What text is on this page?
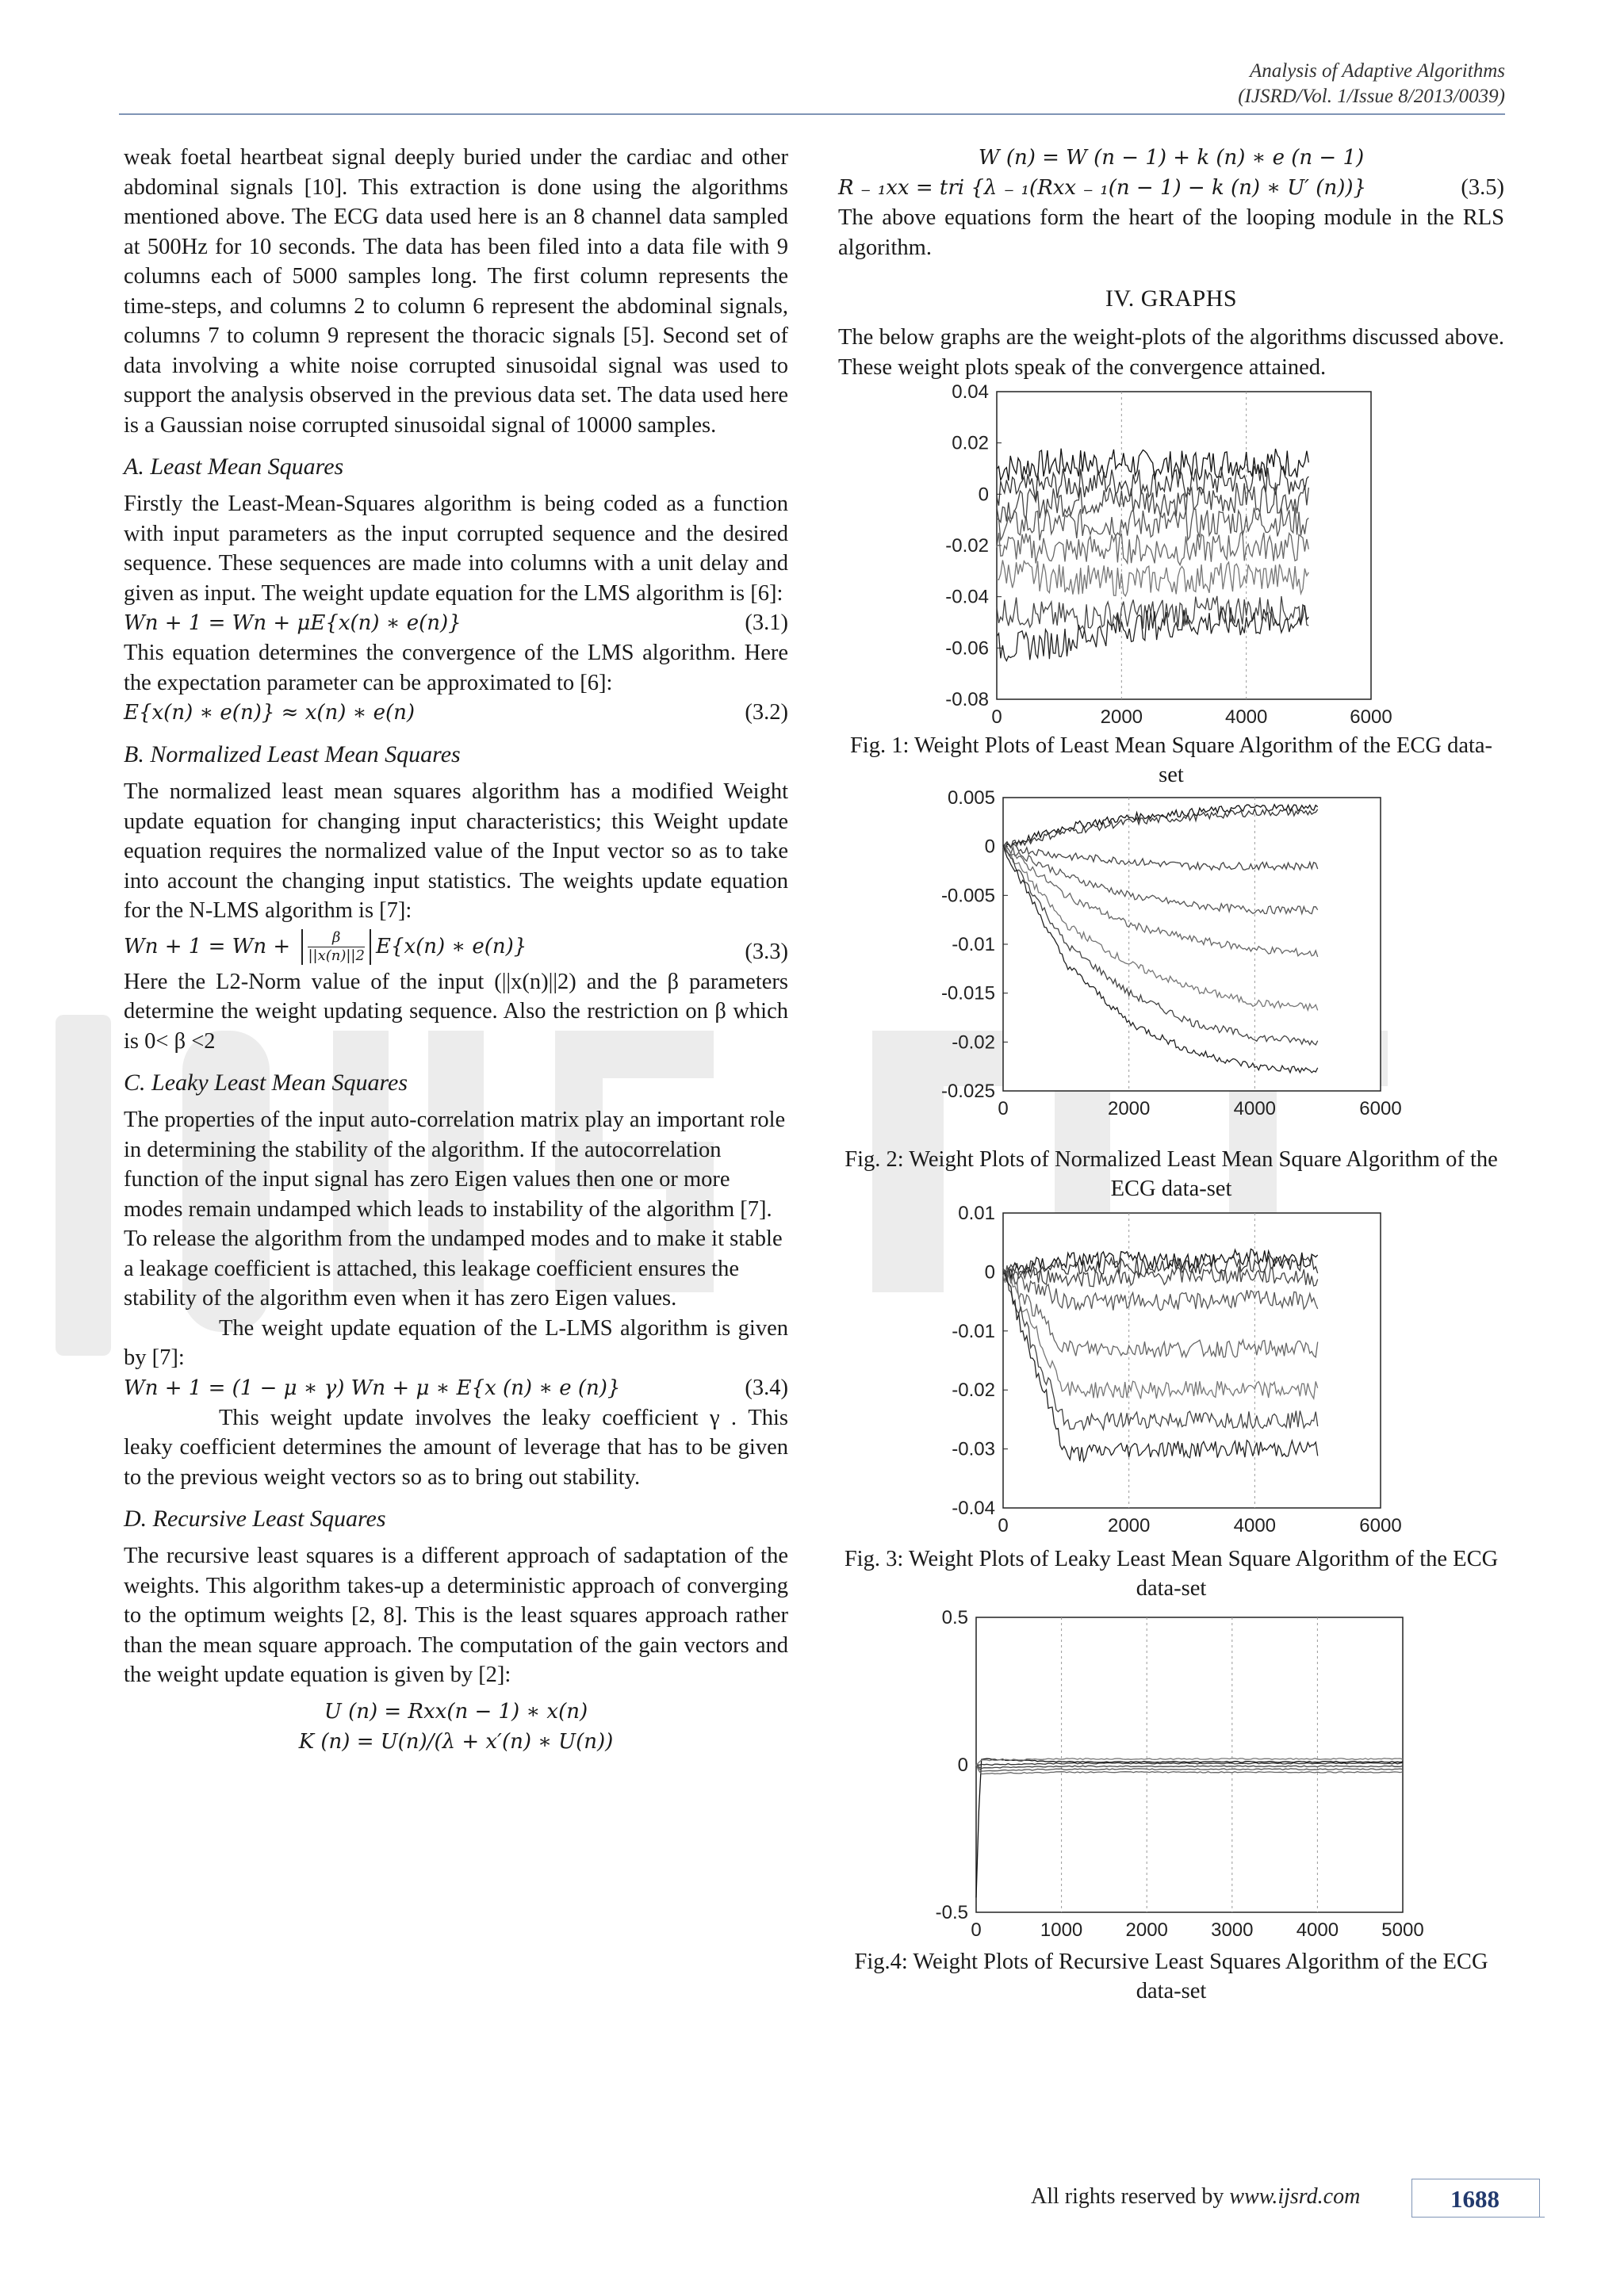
Analysis of Adaptive Algorithms
(IJSRD/Vol. 1/Issue 8/2013/0039)

weak foetal heartbeat signal deeply buried under the cardiac and other abdominal signals [10]. This extraction is done using the algorithms mentioned above. The ECG data used here is an 8 channel data sampled at 500Hz for 10 seconds. The data has been filed into a data file with 9 columns each of 5000 samples long. The first column represents the time-steps, and columns 2 to column 6 represent the abdominal signals, columns 7 to column 9 represent the thoracic signals [5]. Second set of data involving a white noise corrupted sinusoidal signal was used to support the analysis observed in the previous data set. The data used here is a Gaussian noise corrupted sinusoidal signal of 10000 samples.

A. Least Mean Squares

Firstly the Least-Mean-Squares algorithm is being coded as a function with input parameters as the input corrupted sequence and the desired sequence. These sequences are made into columns with a unit delay and given as input. The weight update equation for the LMS algorithm is [6]:

Wn + 1 = Wn + μE{x(n) ∗ e(n)}	(3.1)

This equation determines the convergence of the LMS algorithm. Here the expectation parameter can be approximated to [6]:

E{x(n) ∗ e(n)} ≈ x(n) ∗ e(n)	(3.2)
B. Normalized Least Mean Squares

The normalized least mean squares algorithm has a modified Weight update equation for changing input characteristics; this Weight update equation requires the normalized value of the Input vector so as to take into account the changing input statistics. The weights update equation for the N-LMS algorithm is [7]:

$Wn + 1 = Wn + \frac{\beta}{||x(n)||2} E\{x(n)$ ∗ e(n)}	(3.3)

Here the L2-Norm value of the input (||x(n)||2) and the β parameters determine the weight updating sequence. Also the restriction on β which is 0< β <2

C. Leaky Least Mean Squares

The properties of the input auto-correlation matrix play an important role in determining the stability of the algorithm. If the autocorrelation function of the input signal has zero Eigen values then one or more modes remain undamped which leads to instability of the algorithm [7]. To release the algorithm from the undamped modes and to make it stable a leakage coefficient is attached, this leakage coefficient ensures the stability of the algorithm even when it has zero Eigen values.

The weight update equation of the L-LMS algorithm is given by [7]:

Wn + 1 = (1 − μ ∗ γ) Wn + μ ∗ E{x (n) ∗ e (n)}	(3.4)

This weight update involves the leaky coefficient γ . This leaky coefficient determines the amount of leverage that has to be given to the previous weight vectors so as to bring out stability.

D. Recursive Least Squares

The recursive least squares is a different approach of sadaptation of the weights. This algorithm takes-up a deterministic approach of converging to the optimum weights [2, 8]. This is the least squares approach rather than the mean square approach. The computation of the gain vectors and the weight update equation is given by [2]:

U (n) = Rxx(n − 1) ∗ x(n)
K (n) = U(n)/(λ + x′(n) ∗ U(n))
W (n) = W (n − 1) + k (n) ∗ e (n − 1)
R ₋ ₁xx = tri {λ ₋ ₁(Rxx ₋ ₁(n − 1) − k (n) ∗ U′ (n))}	(3.5)

The above equations form the heart of the looping module in the RLS algorithm.

IV. GRAPHS

The below graphs are the weight-plots of the algorithms discussed above. These weight plots speak of the convergence attained.

0	2000	4000	6000
0.04
0.02
0
-0.02
-0.04
-0.06
-0.08
Fig. 1: Weight Plots of Least Mean Square Algorithm of the ECG data-set
0	2000	4000	6000
0.005
0
-0.005
-0.01
-0.015
-0.02
-0.025
Fig. 2: Weight Plots of Normalized Least Mean Square Algorithm of the ECG data-set
0	2000	4000	6000
0.01
0
-0.01
-0.02
-0.03
-0.04
Fig. 3: Weight Plots of Leaky Least Mean Square Algorithm of the ECG data-set
0	1000 2000 3000 4000 5000
0.5
0
-0.5
Fig.4: Weight Plots of Recursive Least Squares Algorithm of the ECG data-set
All rights reserved by www.ijsrd.com	1688
